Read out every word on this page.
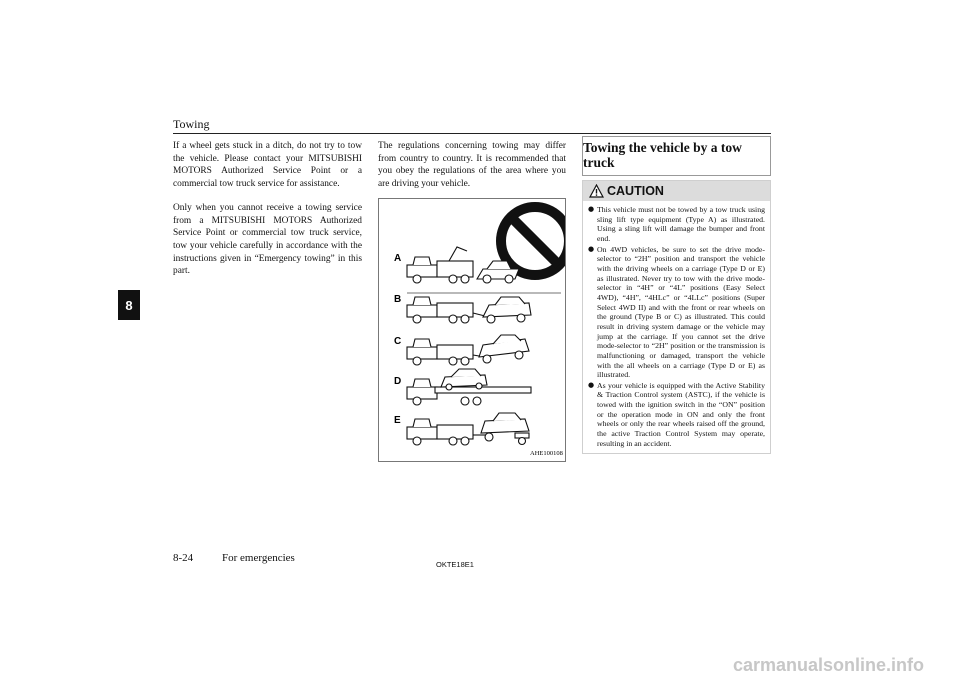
Towing
8

If a wheel gets stuck in a ditch, do not try to tow the vehicle. Please contact your MITSUBISHI MOTORS Authorized Service Point or a commercial tow truck service for assistance.

Only when you cannot receive a towing service from a MITSUBISHI MOTORS Authorized Service Point or commercial tow truck service, tow your vehicle carefully in accordance with the instructions given in “Emergency towing” in this part.

The regulations concerning towing may differ from country to country. It is recommended that you obey the regulations of the area where you are driving your vehicle.

A
B
C
D
E
AHE100108
Towing the vehicle by a tow truck
CAUTION
● This vehicle must not be towed by a tow truck using sling lift type equipment (Type A) as illustrated. Using a sling lift will damage the bumper and front end.
● On 4WD vehicles, be sure to set the drive mode-selector to “2H” position and transport the vehicle with the driving wheels on a carriage (Type D or E) as illustrated. Never try to tow with the drive mode-selector in “4H” or “4L” positions (Easy Select 4WD), “4H”, “4HLc” or “4LLc” positions (Super Select 4WD II) and with the front or rear wheels on the ground (Type B or C) as illustrated. This could result in driving system damage or the vehicle may jump at the carriage. If you cannot set the drive mode-selector to “2H” position or the transmission is malfunctioning or damaged, transport the vehicle with the all wheels on a carriage (Type D or E) as illustrated.
● As your vehicle is equipped with the Active Stability & Traction Control system (ASTC), if the vehicle is towed with the ignition switch in the “ON” position or the operation mode in ON and only the front wheels or only the rear wheels raised off the ground, the active Traction Control System may operate, resulting in an accident.
8-24	For emergencies
OKTE18E1
carmanualsonline.info
